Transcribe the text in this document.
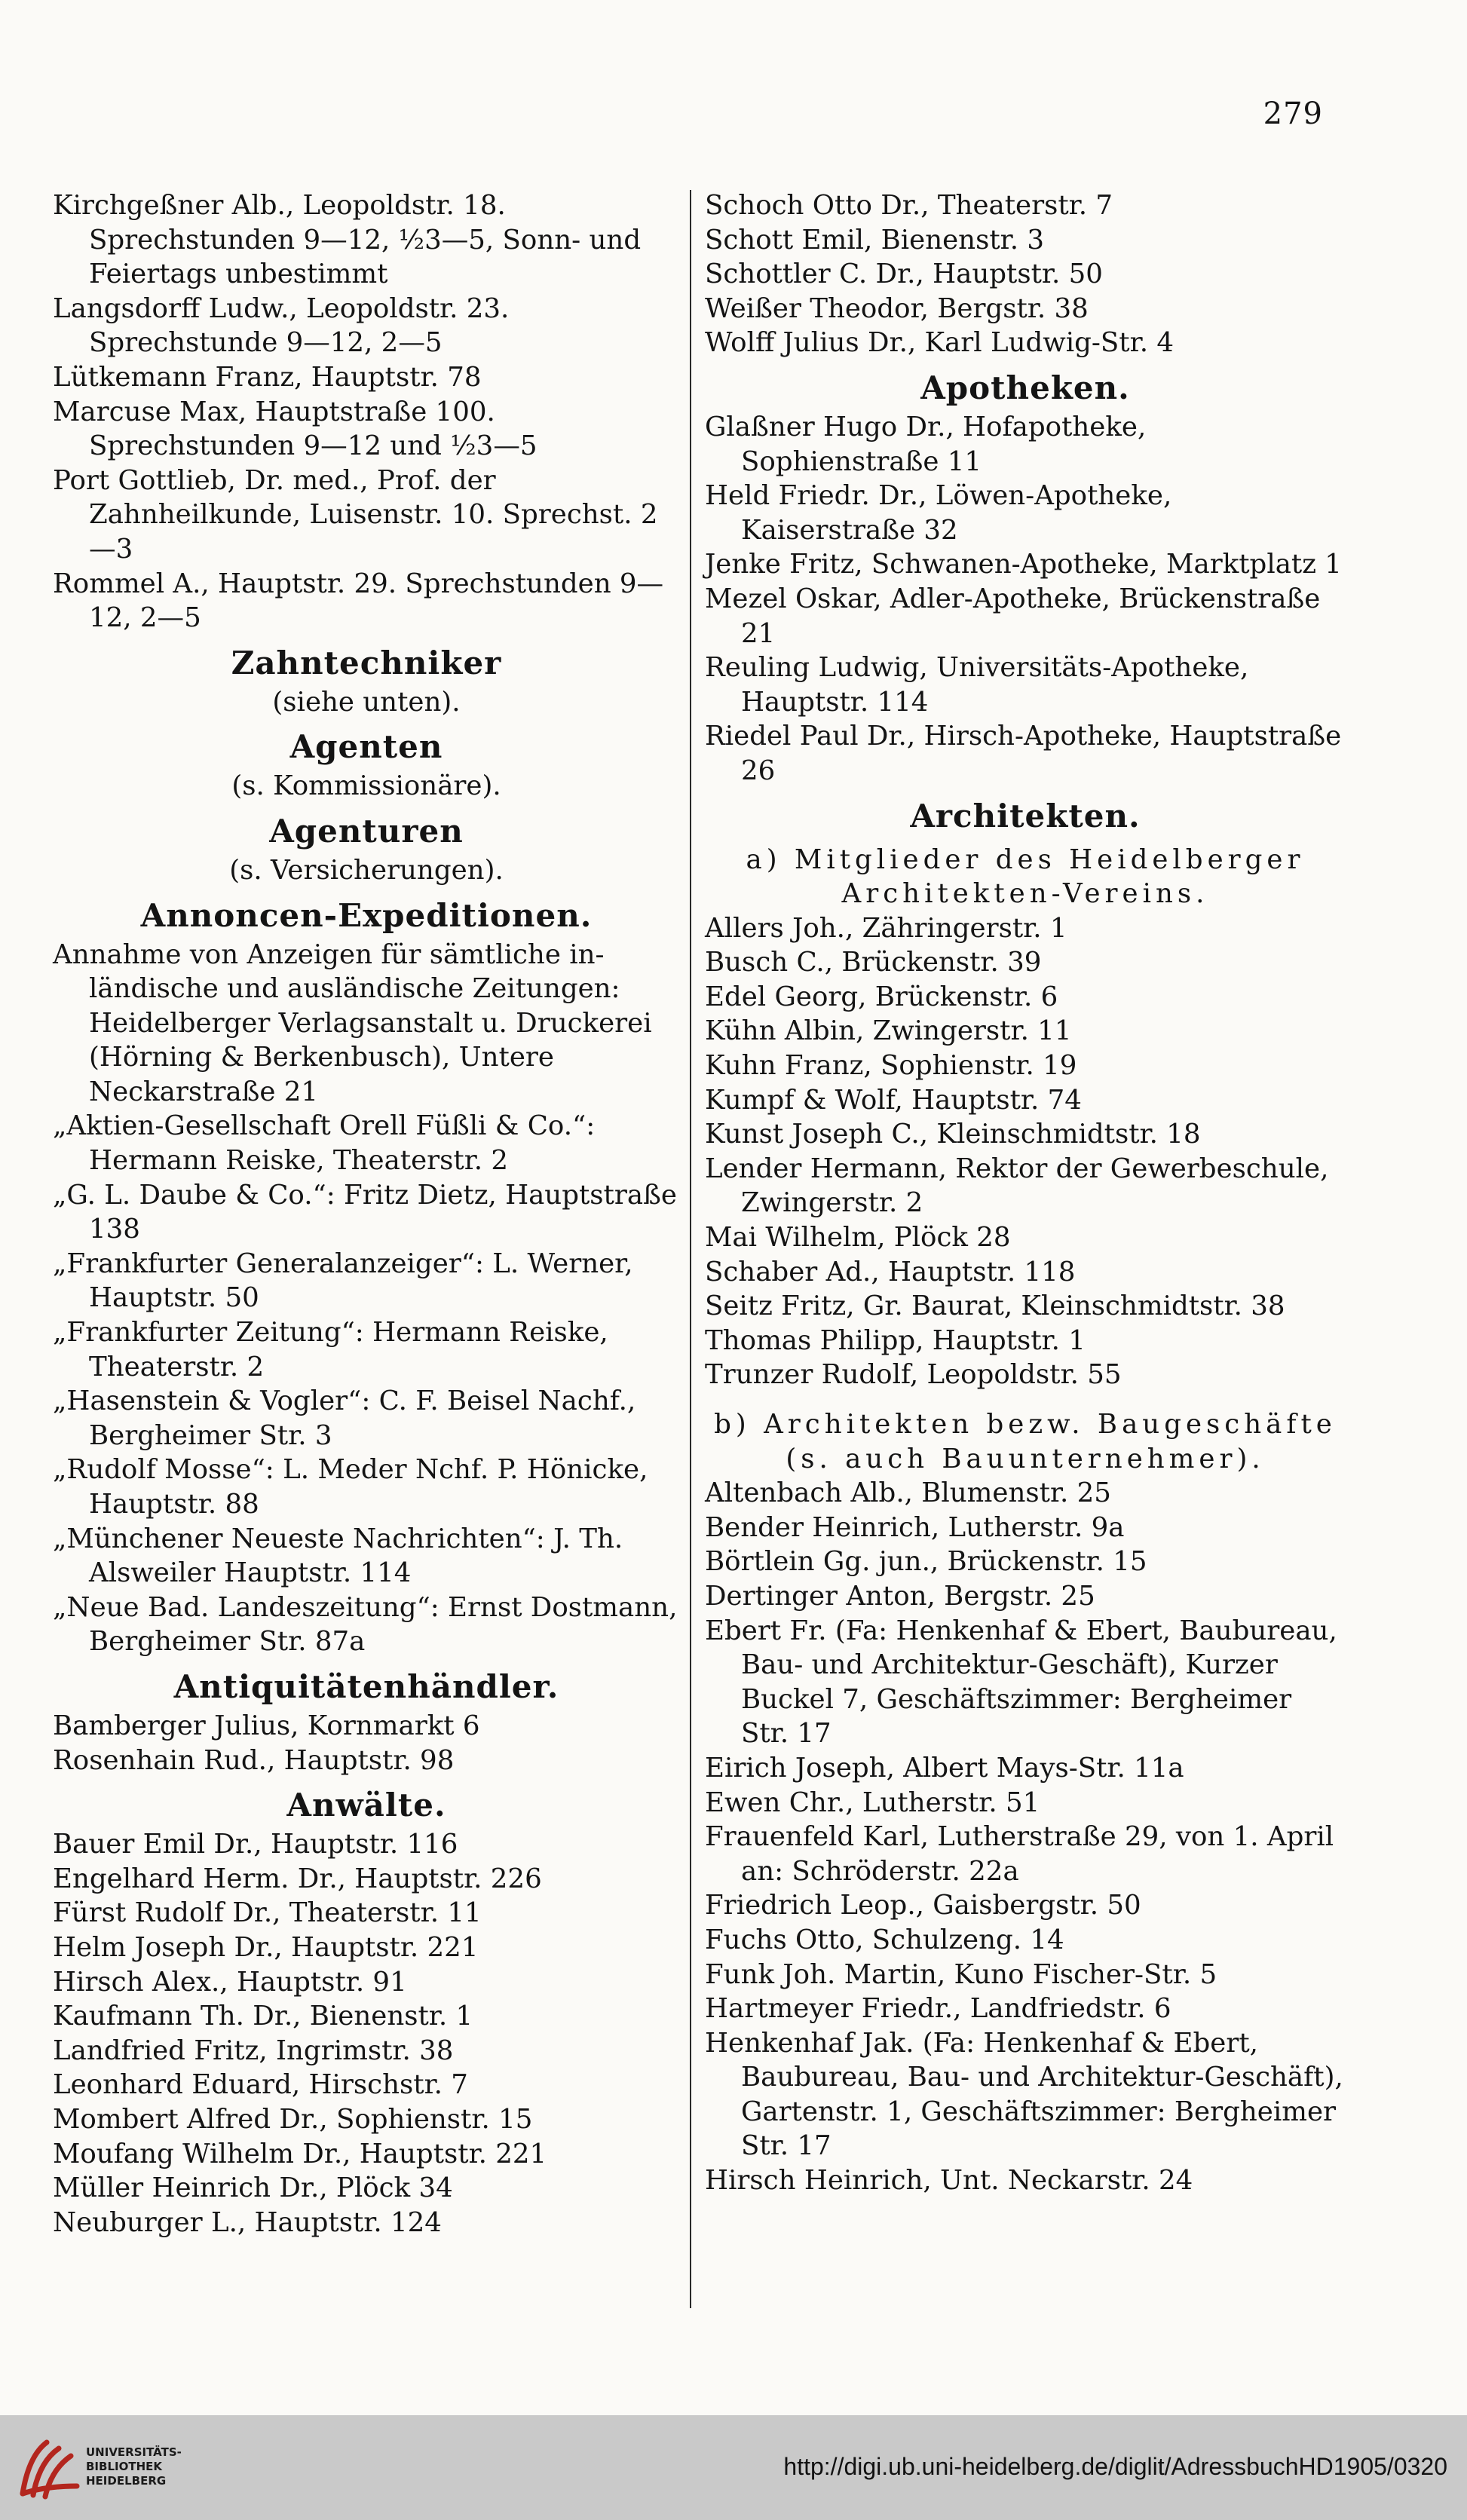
279
Kirchgeßner Alb., Leopoldstr. 18. Sprechstunden 9—12, ½3—5, Sonn- und Feiertags unbestimmt
Langsdorff Ludw., Leopoldstr. 23. Sprechstunde 9—12, 2—5
Lütkemann Franz, Hauptstr. 78
Marcuse Max, Hauptstraße 100. Sprechstunden 9—12 und ½3—5
Port Gottlieb, Dr. med., Prof. der Zahnheilkunde, Luisenstr. 10. Sprechst. 2—3
Rommel A., Hauptstr. 29. Sprechstunden 9—12, 2—5
Zahntechniker
(siehe unten).
Agenten
(s. Kommissionäre).
Agenturen
(s. Versicherungen).
Annoncen-Expeditionen.
Annahme von Anzeigen für sämtliche in- ländische und ausländische Zeitungen: Heidelberger Verlagsanstalt u. Druckerei (Hörning & Berkenbusch), Untere Neckarstraße 21
„Aktien-Gesellschaft Orell Füßli & Co.“: Hermann Reiske, Theaterstr. 2
„G. L. Daube & Co.“: Fritz Dietz, Hauptstraße 138
„Frankfurter Generalanzeiger“: L. Werner, Hauptstr. 50
„Frankfurter Zeitung“: Hermann Reiske, Theaterstr. 2
„Hasenstein & Vogler“: C. F. Beisel Nachf., Bergheimer Str. 3
„Rudolf Mosse“: L. Meder Nchf. P. Hönicke, Hauptstr. 88
„Münchener Neueste Nachrichten“: J. Th. Alsweiler Hauptstr. 114
„Neue Bad. Landeszeitung“: Ernst Dostmann, Bergheimer Str. 87a
Antiquitätenhändler.
Bamberger Julius, Kornmarkt 6
Rosenhain Rud., Hauptstr. 98
Anwälte.
Bauer Emil Dr., Hauptstr. 116
Engelhard Herm. Dr., Hauptstr. 226
Fürst Rudolf Dr., Theaterstr. 11
Helm Joseph Dr., Hauptstr. 221
Hirsch Alex., Hauptstr. 91
Kaufmann Th. Dr., Bienenstr. 1
Landfried Fritz, Ingrimstr. 38
Leonhard Eduard, Hirschstr. 7
Mombert Alfred Dr., Sophienstr. 15
Moufang Wilhelm Dr., Hauptstr. 221
Müller Heinrich Dr., Plöck 34
Neuburger L., Hauptstr. 124
Schoch Otto Dr., Theaterstr. 7
Schott Emil, Bienenstr. 3
Schottler C. Dr., Hauptstr. 50
Weißer Theodor, Bergstr. 38
Wolff Julius Dr., Karl Ludwig-Str. 4
Apotheken.
Glaßner Hugo Dr., Hofapotheke, Sophienstraße 11
Held Friedr. Dr., Löwen-Apotheke, Kaiserstraße 32
Jenke Fritz, Schwanen-Apotheke, Marktplatz 1
Mezel Oskar, Adler-Apotheke, Brückenstraße 21
Reuling Ludwig, Universitäts-Apotheke, Hauptstr. 114
Riedel Paul Dr., Hirsch-Apotheke, Hauptstraße 26
Architekten.
a) Mitglieder des Heidelberger Architekten-Vereins.
Allers Joh., Zähringerstr. 1
Busch C., Brückenstr. 39
Edel Georg, Brückenstr. 6
Kühn Albin, Zwingerstr. 11
Kuhn Franz, Sophienstr. 19
Kumpf & Wolf, Hauptstr. 74
Kunst Joseph C., Kleinschmidtstr. 18
Lender Hermann, Rektor der Gewerbeschule, Zwingerstr. 2
Mai Wilhelm, Plöck 28
Schaber Ad., Hauptstr. 118
Seitz Fritz, Gr. Baurat, Kleinschmidtstr. 38
Thomas Philipp, Hauptstr. 1
Trunzer Rudolf, Leopoldstr. 55
b) Architekten bezw. Baugeschäfte (s. auch Bauunternehmer).
Altenbach Alb., Blumenstr. 25
Bender Heinrich, Lutherstr. 9a
Börtlein Gg. jun., Brückenstr. 15
Dertinger Anton, Bergstr. 25
Ebert Fr. (Fa: Henkenhaf & Ebert, Baubureau, Bau- und Architektur-Geschäft), Kurzer Buckel 7, Geschäftszimmer: Bergheimer Str. 17
Eirich Joseph, Albert Mays-Str. 11a
Ewen Chr., Lutherstr. 51
Frauenfeld Karl, Lutherstraße 29, von 1. April an: Schröderstr. 22a
Friedrich Leop., Gaisbergstr. 50
Fuchs Otto, Schulzeng. 14
Funk Joh. Martin, Kuno Fischer-Str. 5
Hartmeyer Friedr., Landfriedstr. 6
Henkenhaf Jak. (Fa: Henkenhaf & Ebert, Baubureau, Bau- und Architektur-Geschäft), Gartenstr. 1, Geschäftszimmer: Bergheimer Str. 17
Hirsch Heinrich, Unt. Neckarstr. 24
UNIVERSITÄTS-
BIBLIOTHEK
HEIDELBERG
http://digi.ub.uni-heidelberg.de/diglit/AdressbuchHD1905/0320
